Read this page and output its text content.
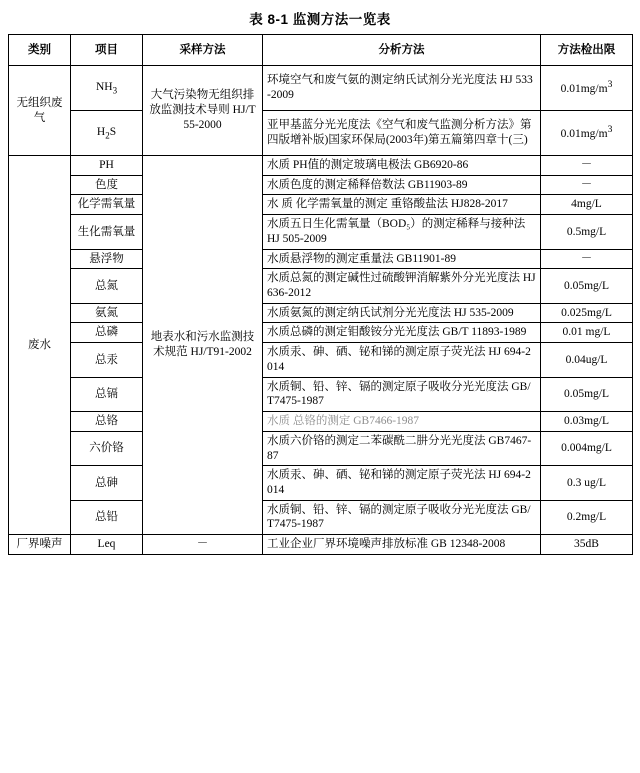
表 8-1 监测方法一览表
类别	项目	采样方法	分析方法	方法检出限
无组织废气	$NH_3$	大气污染物无组织排放监测技术导则 HJ/T55-2000	环境空气和废气氨的测定纳氏试剂分光光度法 HJ 533-2009	$0.01mg/m^3$
	$H_2S$		亚甲基蓝分光光度法《空气和废气监测分析方法》第四版增补版)国家环保局(2003年)第五篇第四章十(三)	$0.01mg/m^3$
废水	PH	地表水和污水监测技术规范 HJ/T91-2002	水质 PH值的测定玻璃电极法 GB6920-86	－
	色度		水质色度的测定稀释倍数法 GB11903-89	－
	化学需氧量		水 质 化学需氧量的测定 重铬酸盐法 HJ828-2017	4mg/L
	生化需氧量		水质五日生化需氧量（BOD₅）的测定稀释与接种法 HJ 505-2009	0.5mg/L
	悬浮物		水质悬浮物的测定重量法 GB11901-89	－
	总氮		水质总氮的测定碱性过硫酸钾消解紫外分光光度法 HJ 636-2012	0.05mg/L
	氨氮		水质氨氮的测定纳氏试剂分光光度法 HJ 535-2009	0.025mg/L
	总磷		水质总磷的测定钼酸铵分光光度法 GB/T 11893-1989	0.01 mg/L
	总汞		水质汞、砷、硒、铋和锑的测定原子荧光法 HJ 694-2014	0.04ug/L
	总镉		水质铜、铅、锌、镉的测定原子吸收分光光度法 GB/T7475-1987	0.05mg/L
	总铬		水质 总铬的测定 GB7466-1987	0.03mg/L
	六价铬		水质六价铬的测定二苯碳酰二肼分光光度法 GB7467-87	0.004mg/L
	总砷		水质汞、砷、硒、铋和锑的测定原子荧光法 HJ 694-2014	0.3 ug/L
	总铅		水质铜、铅、锌、镉的测定原子吸收分光光度法 GB/T7475-1987	0.2mg/L
厂界噪声	Leq	－	工业企业厂界环境噪声排放标准 GB 12348-2008	35dB
